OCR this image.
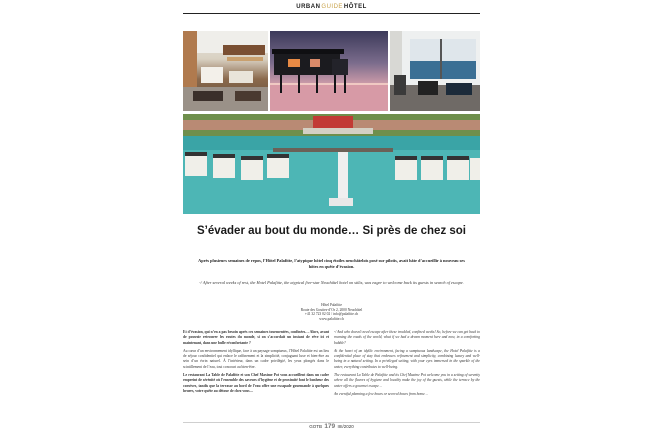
URBANGUIDEHÔTEL
S’évader au bout du monde… Si près de chez soi
Après plusieurs semaines de repos, l’Hôtel Palafitte, l’atypique hôtel cinq étoiles neuchâtelois posé sur pilotis, avait hâte d’accueillir à nouveau ses hôtes en quête d’évasion.
-/ After several weeks of rest, the Hotel Palafitte, the atypical five-star Neuchâtel hotel on stilts, was eager to welcome back its guests in search of escape.
Hôtel Palafitte
Route des Gouttes-d’Or 2, 2000 Neuchâtel
+41 32 723 02 02 / info@palafitte.ch
www.palafitte.ch

Et d’évasion, qui n’en a pas besoin après ces semaines tourmentées, confinées… Alors, avant de pouvoir retrouver les routes du monde, si on s’accordait un instant de rêve ici et maintenant, dans une bulle réconfortante ?

Au cœur d’un environnement idyllique, face à un paysage somptueux, l’Hôtel Palafitte est un lieu de séjour confidentiel qui enlace le raffinement et la simplicité, conjuguant luxe et bien-être au sein d’un écrin naturel. À l’intérieur, dans un cadre privilégié, les yeux plongés dans le scintillement de l’eau, tout concourt au bien-être.

Le restaurant La Table de Palafitte et son Chef Maxime Pot vous accueillent dans un cadre empreint de sérénité où l’ensemble des saveurs d’hygiène et de proximité font le bonheur des convives, tandis que la terrasse au bord de l’eau offre une escapade gourmande à quelques heures, votre quête au détour de chez vous…

-/ And who doesn’t need escape after these troubled, confined weeks! So, before we can get back to roaming the roads of the world, what if we had a dream moment here and now, in a comforting bubble?

At the heart of an idyllic environment, facing a sumptuous landscape, the Hotel Palafitte is a confidential place of stay that embraces refinement and simplicity, combining luxury and well-being in a natural setting. In a privileged setting, with your eyes immersed in the sparkle of the water, everything contributes to well-being.

The restaurant La Table de Palafitte and its Chef Maxime Pot welcome you in a setting of serenity where all the flavors of hygiene and locality make the joy of the guests, while the terrace by the water offers a gourmet escape…

An eventful planning a few hours or several hours from home…

GOTB 179 IIII/2020
